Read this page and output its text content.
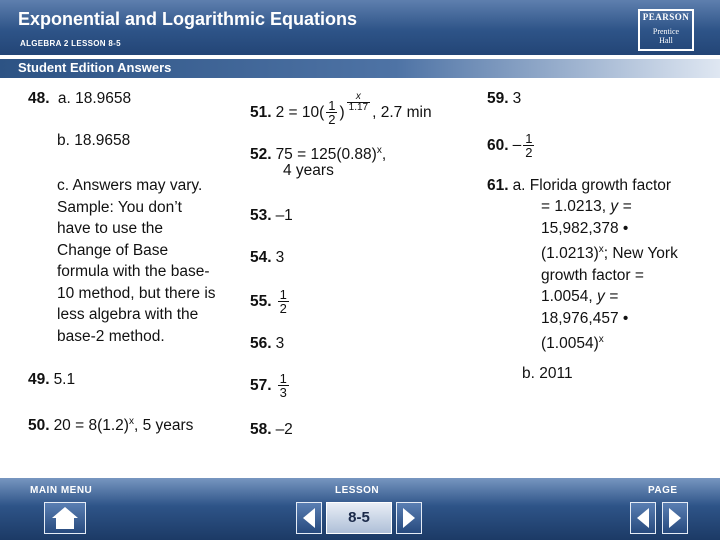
Exponential and Logarithmic Equations
ALGEBRA 2 LESSON 8-5
PEARSON
Prentice
Hall
Student Edition Answers
48. a. 18.9658
b. 18.9658
c. Answers may vary.
Sample: You don’t
have to use the
Change of Base
formula with the base-
10 method, but there is
less algebra with the
base-2 method.
49. 5.1
50. $20 = 8(1.2)^x$, 5 years
51. $2 = 10( \frac{1}{2}$ ) $\frac{x}{1.17}$ , 2.7 min
52. $75 = 125(0.88)^x$,
4 years
53. –1
54. 3
55. $\frac{1}{2}$
56. 3
57. $\frac{1}{3}$
58. –2
59. 3
60. – $\frac{1}{2}$
61. a. Florida growth factor
= 1.0213, y =
15,982,378 •
$(1.0213)^x$; New York
growth factor =
1.0054, y =
18,976,457 •
$(1.0054)^x$
b. 2011
MAIN MENU	LESSON	PAGE
8-5
